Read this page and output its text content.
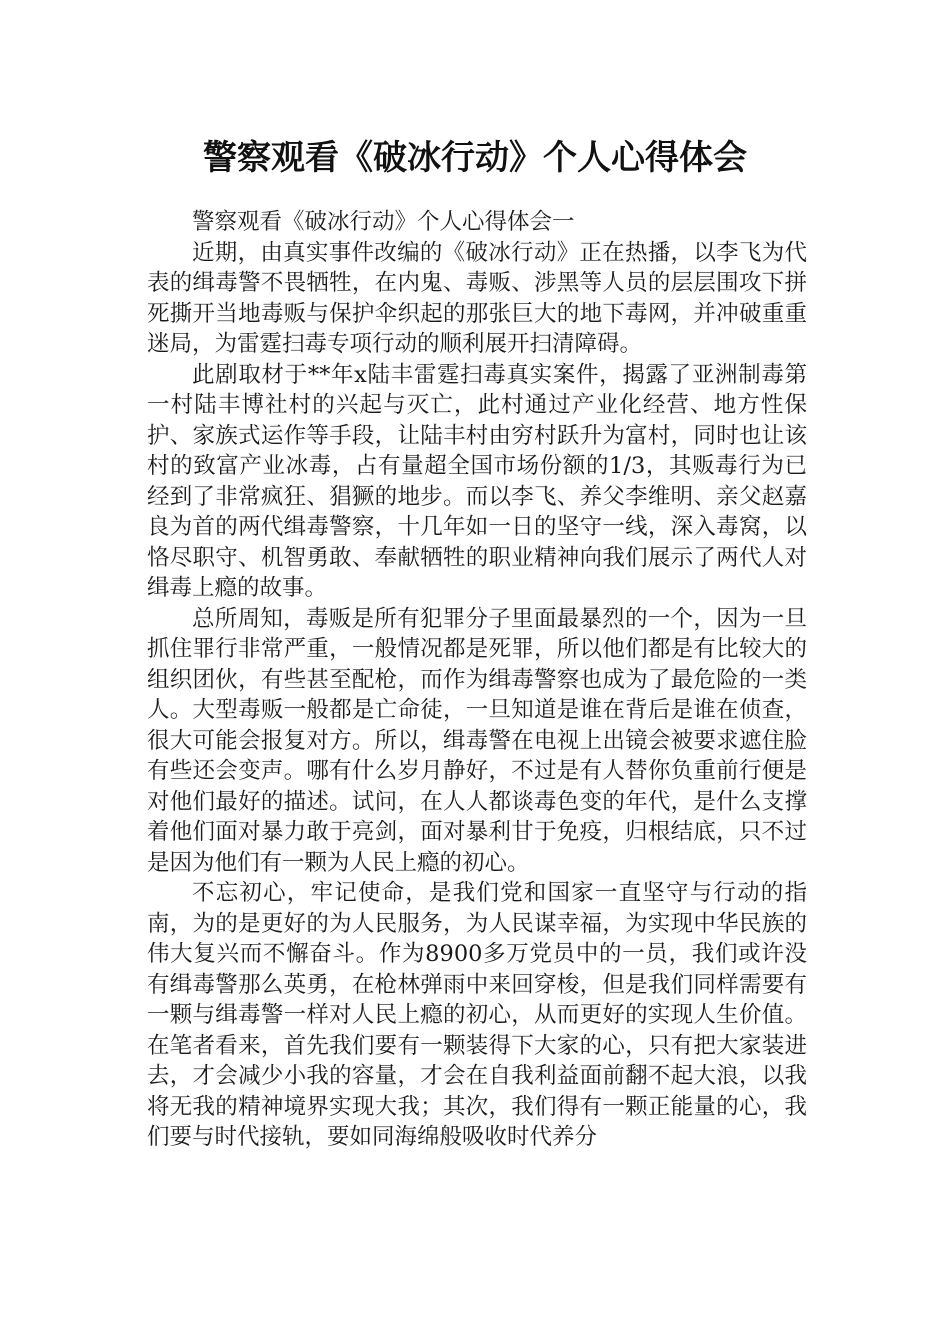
警察观看《破冰行动》个人心得体会

警察观看《破冰行动》个人心得体会一

近期，由真实事件改编的《破冰行动》正在热播，以李飞为代表的缉毒警不畏牺牲，在内鬼、毒贩、涉黑等人员的层层围攻下拼死撕开当地毒贩与保护伞织起的那张巨大的地下毒网，并冲破重重迷局，为雷霆扫毒专项行动的顺利展开扫清障碍。

此剧取材于**年x陆丰雷霆扫毒真实案件，揭露了亚洲制毒第一村陆丰博社村的兴起与灭亡，此村通过产业化经营、地方性保护、家族式运作等手段，让陆丰村由穷村跃升为富村，同时也让该村的致富产业冰毒，占有量超全国市场份额的1/3，其贩毒行为已经到了非常疯狂、猖獗的地步。而以李飞、养父李维明、亲父赵嘉良为首的两代缉毒警察，十几年如一日的坚守一线，深入毒窝，以恪尽职守、机智勇敢、奉献牺牲的职业精神向我们展示了两代人对缉毒上瘾的故事。

总所周知，毒贩是所有犯罪分子里面最暴烈的一个，因为一旦抓住罪行非常严重，一般情况都是死罪，所以他们都是有比较大的组织团伙，有些甚至配枪，而作为缉毒警察也成为了最危险的一类人。大型毒贩一般都是亡命徒，一旦知道是谁在背后是谁在侦查，很大可能会报复对方。所以，缉毒警在电视上出镜会被要求遮住脸有些还会变声。哪有什么岁月静好，不过是有人替你负重前行便是对他们最好的描述。试问，在人人都谈毒色变的年代，是什么支撑着他们面对暴力敢于亮剑，面对暴利甘于免疫，归根结底，只不过是因为他们有一颗为人民上瘾的初心。

不忘初心，牢记使命，是我们党和国家一直坚守与行动的指南，为的是更好的为人民服务，为人民谋幸福，为实现中华民族的伟大复兴而不懈奋斗。作为8900多万党员中的一员，我们或许没有缉毒警那么英勇，在枪林弹雨中来回穿梭，但是我们同样需要有一颗与缉毒警一样对人民上瘾的初心，从而更好的实现人生价值。在笔者看来，首先我们要有一颗装得下大家的心，只有把大家装进去，才会减少小我的容量，才会在自我利益面前翻不起大浪，以我将无我的精神境界实现大我；其次，我们得有一颗正能量的心，我们要与时代接轨，要如同海绵般吸收时代养分
